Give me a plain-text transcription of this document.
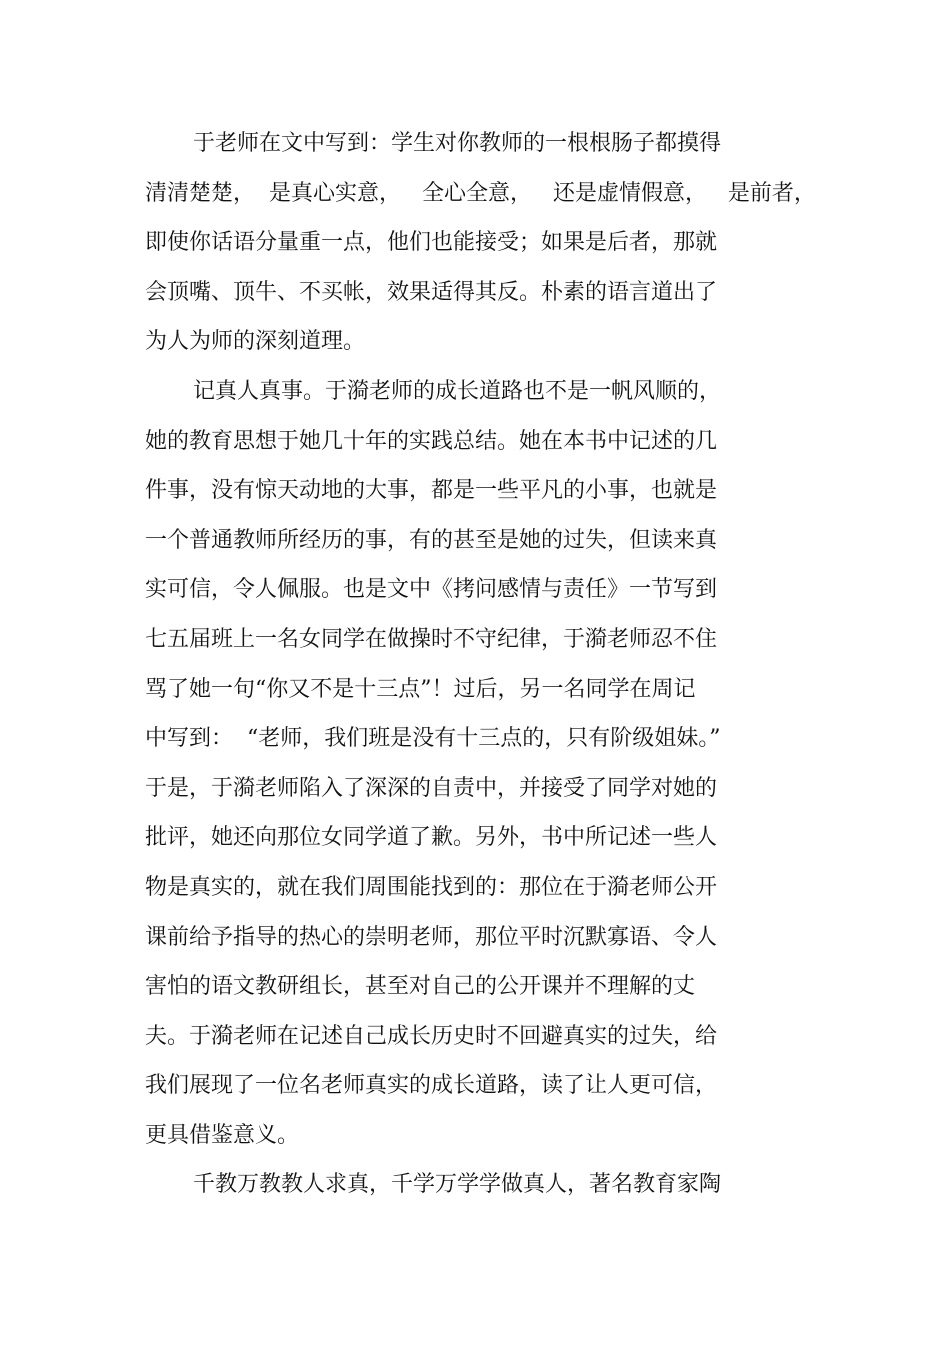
于老师在文中写到：学生对你教师的一根根肠子都摸得
清清楚楚，  是真心实意，   全心全意，   还是虚情假意，   是前者，
即使你话语分量重一点，他们也能接受；如果是后者，那就
会顶嘴、顶牛、不买帐，效果适得其反。朴素的语言道出了
为人为师的深刻道理。
记真人真事。于漪老师的成长道路也不是一帆风顺的，
她的教育思想于她几十年的实践总结。她在本书中记述的几
件事，没有惊天动地的大事，都是一些平凡的小事，也就是
一个普通教师所经历的事，有的甚至是她的过失，但读来真
实可信，令人佩服。也是文中《拷问感情与责任》一节写到
七五届班上一名女同学在做操时不守纪律，于漪老师忍不住
骂了她一句“你又不是十三点”！过后，另一名同学在周记
中写到：  “老师，我们班是没有十三点的，只有阶级姐妹。”
于是，于漪老师陷入了深深的自责中，并接受了同学对她的
批评，她还向那位女同学道了歉。另外，书中所记述一些人
物是真实的，就在我们周围能找到的：那位在于漪老师公开
课前给予指导的热心的崇明老师，那位平时沉默寡语、令人
害怕的语文教研组长，甚至对自己的公开课并不理解的丈
夫。于漪老师在记述自己成长历史时不回避真实的过失，给
我们展现了一位名老师真实的成长道路，读了让人更可信，
更具借鉴意义。
千教万教教人求真，千学万学学做真人，著名教育家陶
